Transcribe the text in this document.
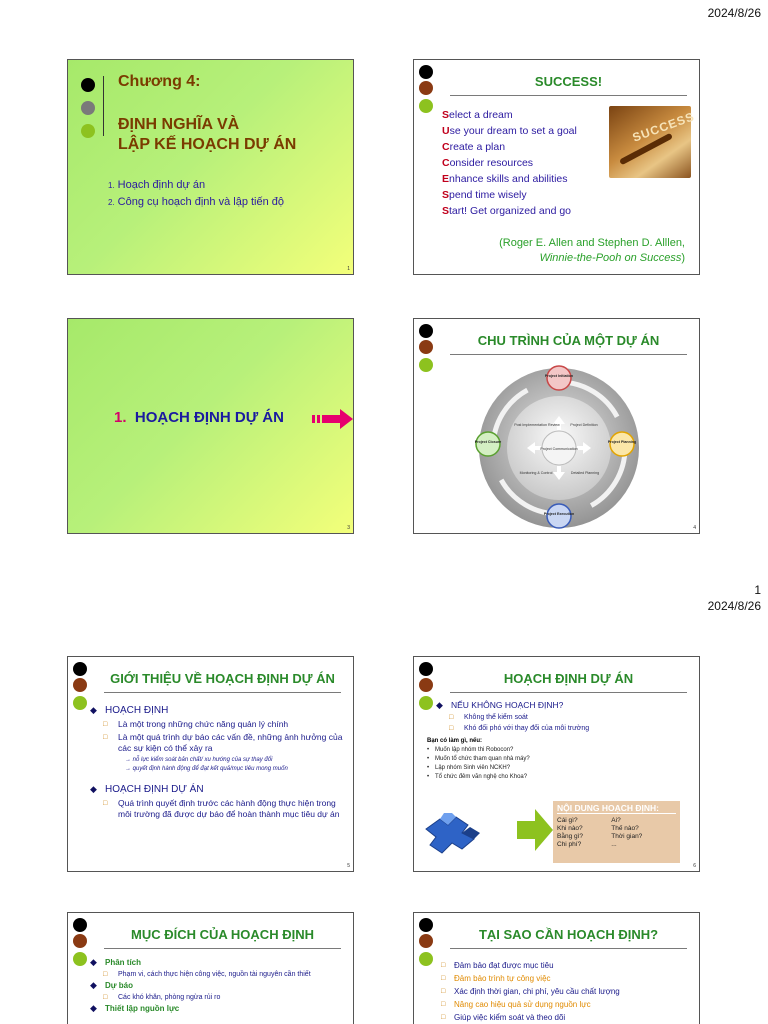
2024/8/26
Chương 4:
ĐỊNH NGHĨA VÀ
LẬP KẾ HOẠCH DỰ ÁN
1. Hoạch định dự án
2. Công cụ hoạch định và lập tiến độ
1
SUCCESS!
Select a dream
Use your dream to set a goal
Create a plan
Consider resources
Enhance skills and abilities
Spend time wisely
Start! Get organized and go
SUCCESS
(Roger E. Allen and Stephen D. Alllen,
Winnie-the-Pooh on Success)
1. HOẠCH ĐỊNH DỰ ÁN
3
CHU TRÌNH CỦA MỘT DỰ ÁN
Project Initiation
Project Planning
Project Execution
Project Closure
Post Implementation Review	Project Definition
Monitoring & Control	Detailed Planning
Project Communication
4
1
2024/8/26
GIỚI THIỆU VỀ HOẠCH ĐỊNH DỰ ÁN
◆ HOẠCH ĐỊNH
□ Là một trong những chức năng quản lý chính
□ Là một quá trình dự báo các vấn đề, những ảnh hưởng của các sự kiện có thể xảy ra
→ nỗ lực kiểm soát bản chất/ xu hướng của sự thay đổi
→ quyết định hành động để đạt kết quả/mục tiêu mong muốn
◆ HOẠCH ĐỊNH DỰ ÁN
□ Quá trình quyết định trước các hành động thực hiện trong môi trường đã được dự báo để hoàn thành mục tiêu dự án
5
HOẠCH ĐỊNH DỰ ÁN
◆ NẾU KHÔNG HOẠCH ĐỊNH?
□ Không thể kiểm soát
□ Khó đối phó với thay đổi của môi trường
Bạn có làm gì, nếu:
• Muốn lập nhóm thi Robocon?
• Muốn tổ chức tham quan nhà máy?
• Lập nhóm Sinh viên NCKH?
• Tổ chức đêm văn nghệ cho Khoa?
NỘI DUNG HOẠCH ĐỊNH:
Cái gì?	Ai?
Khi nào?	Thế nào?
Bằng gì?	Thời gian?
Chi phí?	...
6
MỤC ĐÍCH CỦA HOẠCH ĐỊNH
◆ Phân tích
□ Phạm vi, cách thực hiện công việc, nguồn tài nguyên cần thiết
◆ Dự báo
□ Các khó khăn, phòng ngừa rủi ro
◆ Thiết lập nguồn lực
TẠI SAO CẦN HOẠCH ĐỊNH?
□ Đảm bảo đạt được mục tiêu
□ Đảm bảo trình tự công việc
□ Xác định thời gian, chi phí, yêu cầu chất lượng
□ Nâng cao hiệu quả sử dụng nguồn lực
□ Giúp việc kiểm soát và theo dõi
